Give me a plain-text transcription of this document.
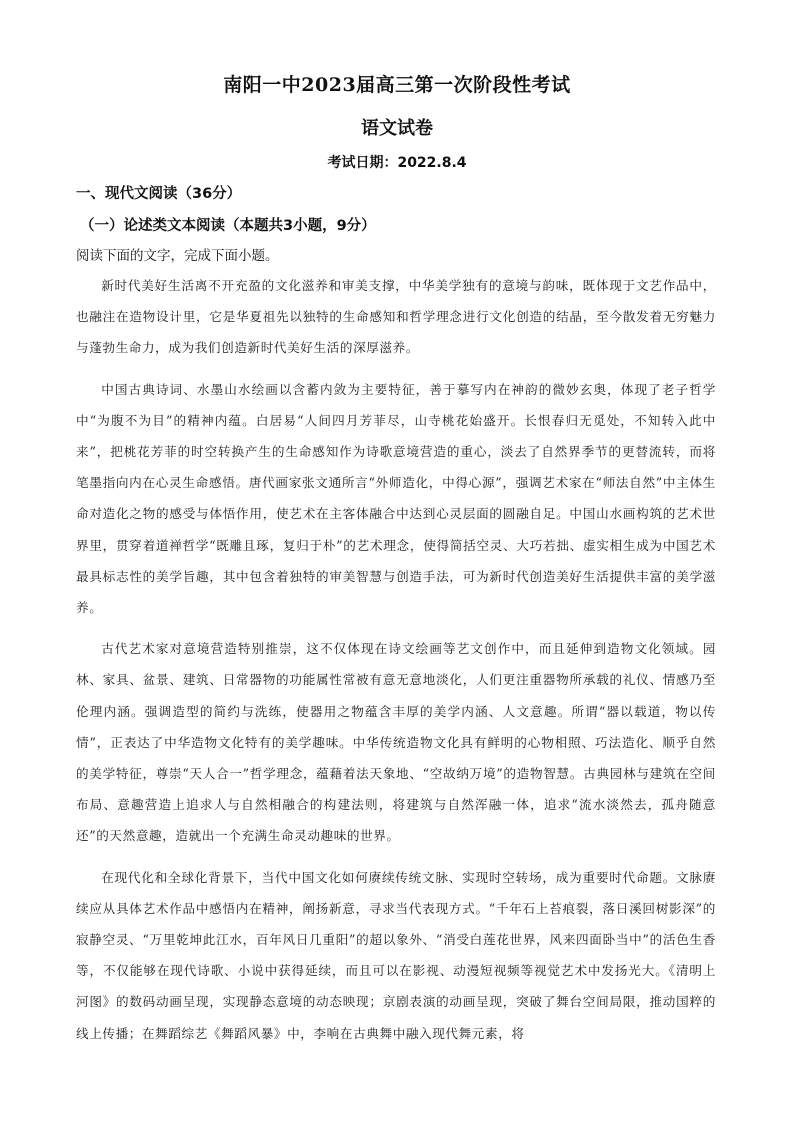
南阳一中2023届高三第一次阶段性考试
语文试卷
考试日期：2022.8.4
一、现代文阅读（36分）
（一）论述类文本阅读（本题共3小题，9分）
阅读下面的文字，完成下面小题。

新时代美好生活离不开充盈的文化滋养和审美支撑，中华美学独有的意境与韵味，既体现于文艺作品中，也融注在造物设计里，它是华夏祖先以独特的生命感知和哲学理念进行文化创造的结晶，至今散发着无穷魅力与蓬勃生命力，成为我们创造新时代美好生活的深厚滋养。

中国古典诗词、水墨山水绘画以含蓄内敛为主要特征，善于摹写内在神韵的微妙玄奥，体现了老子哲学中“为腹不为目”的精神内蕴。白居易“人间四月芳菲尽，山寺桃花始盛开。长恨春归无觅处，不知转入此中来”，把桃花芳菲的时空转换产生的生命感知作为诗歌意境营造的重心，淡去了自然界季节的更替流转，而将笔墨指向内在心灵生命感悟。唐代画家张文通所言“外师造化，中得心源”，强调艺术家在“师法自然”中主体生命对造化之物的感受与体悟作用，使艺术在主客体融合中达到心灵层面的圆融自足。中国山水画构筑的艺术世界里，贯穿着道禅哲学“既雕且琢，复归于朴”的艺术理念，使得简括空灵、大巧若拙、虚实相生成为中国艺术最具标志性的美学旨趣，其中包含着独特的审美智慧与创造手法，可为新时代创造美好生活提供丰富的美学滋养。

古代艺术家对意境营造特别推崇，这不仅体现在诗文绘画等艺文创作中，而且延伸到造物文化领域。园林、家具、盆景、建筑、日常器物的功能属性常被有意无意地淡化，人们更注重器物所承载的礼仪、情感乃至伦理内涵。强调造型的简约与洗练，使器用之物蕴含丰厚的美学内涵、人文意趣。所谓“器以载道，物以传情”，正表达了中华造物文化特有的美学趣味。中华传统造物文化具有鲜明的心物相照、巧法造化、顺乎自然的美学特征，尊崇“天人合一”哲学理念，蕴藉着法天象地、“空故纳万境”的造物智慧。古典园林与建筑在空间布局、意趣营造上追求人与自然相融合的构建法则，将建筑与自然浑融一体，追求“流水淡然去，孤舟随意还”的天然意趣，造就出一个充满生命灵动趣味的世界。

在现代化和全球化背景下，当代中国文化如何赓续传统文脉、实现时空转场，成为重要时代命题。文脉赓续应从具体艺术作品中感悟内在精神，阐扬新意，寻求当代表现方式。“千年石上苔痕裂，落日溪回树影深”的寂静空灵、“万里乾坤此江水，百年风日几重阳”的超以象外、“消受白莲花世界，风来四面卧当中”的活色生香等，不仅能够在现代诗歌、小说中获得延续，而且可以在影视、动漫短视频等视觉艺术中发扬光大。《清明上河图》的数码动画呈现，实现静态意境的动态映现；京剧表演的动画呈现，突破了舞台空间局限，推动国粹的线上传播；在舞蹈综艺《舞蹈风暴》中，李响在古典舞中融入现代舞元素，将
